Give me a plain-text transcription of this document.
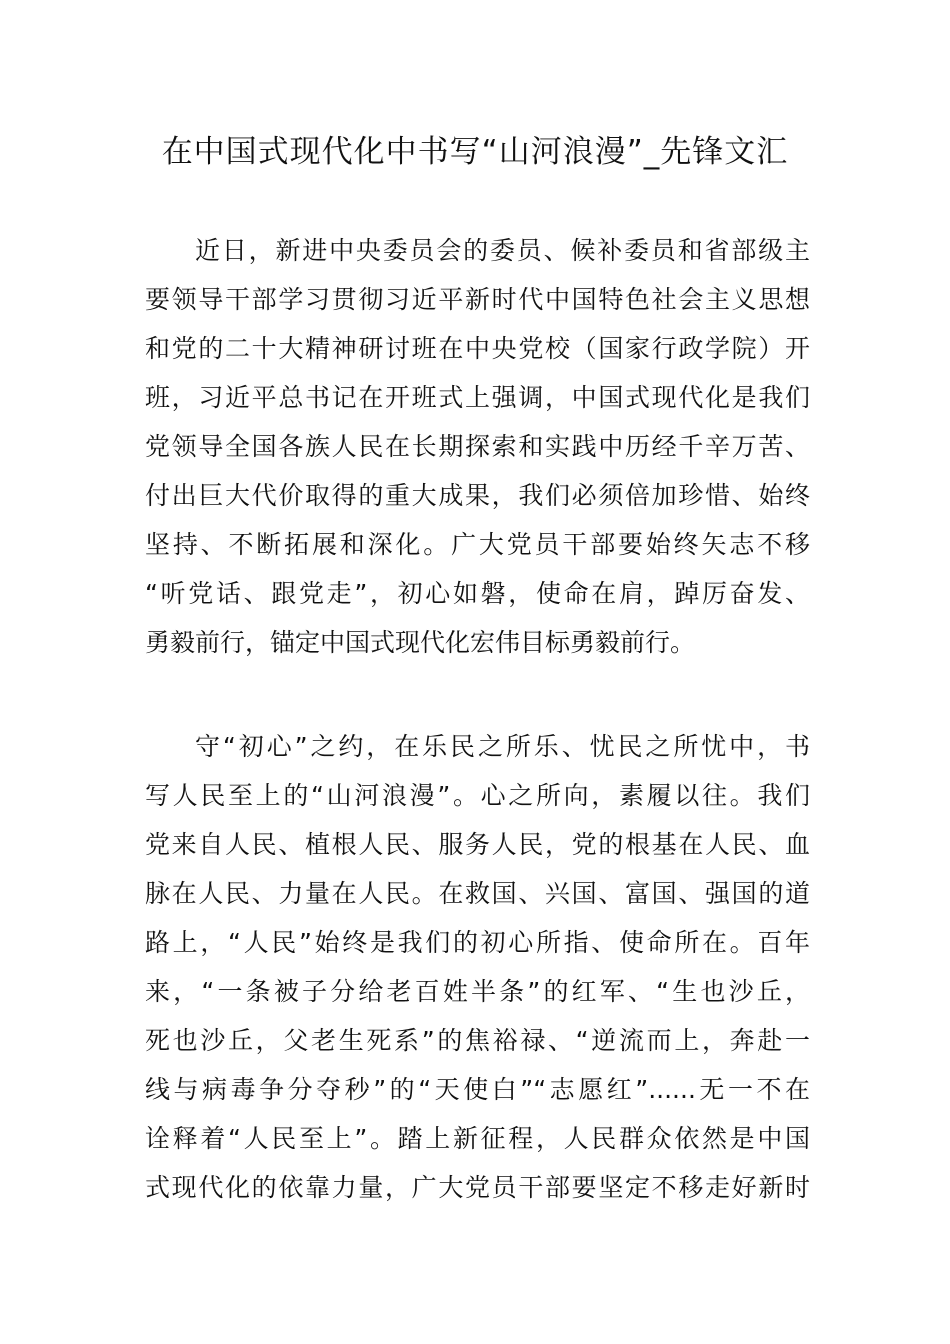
在中国式现代化中书写“山河浪漫”_先锋文汇
近日，新进中央委员会的委员、候补委员和省部级主
要领导干部学习贯彻习近平新时代中国特色社会主义思想
和党的二十大精神研讨班在中央党校（国家行政学院）开
班，习近平总书记在开班式上强调，中国式现代化是我们
党领导全国各族人民在长期探索和实践中历经千辛万苦、
付出巨大代价取得的重大成果，我们必须倍加珍惜、始终
坚持、不断拓展和深化。广大党员干部要始终矢志不移
“听党话、跟党走”，初心如磐，使命在肩，踔厉奋发、
勇毅前行，锚定中国式现代化宏伟目标勇毅前行。
守“初心”之约，在乐民之所乐、忧民之所忧中，书
写人民至上的“山河浪漫”。心之所向，素履以往。我们
党来自人民、植根人民、服务人民，党的根基在人民、血
脉在人民、力量在人民。在救国、兴国、富国、强国的道
路上，“人民”始终是我们的初心所指、使命所在。百年
来，“一条被子分给老百姓半条”的红军、“生也沙丘，
死也沙丘，父老生死系”的焦裕禄、“逆流而上，奔赴一
线与病毒争分夺秒”的“天使白”“志愿红”......无一不在
诠释着“人民至上”。踏上新征程，人民群众依然是中国
式现代化的依靠力量，广大党员干部要坚定不移走好新时
